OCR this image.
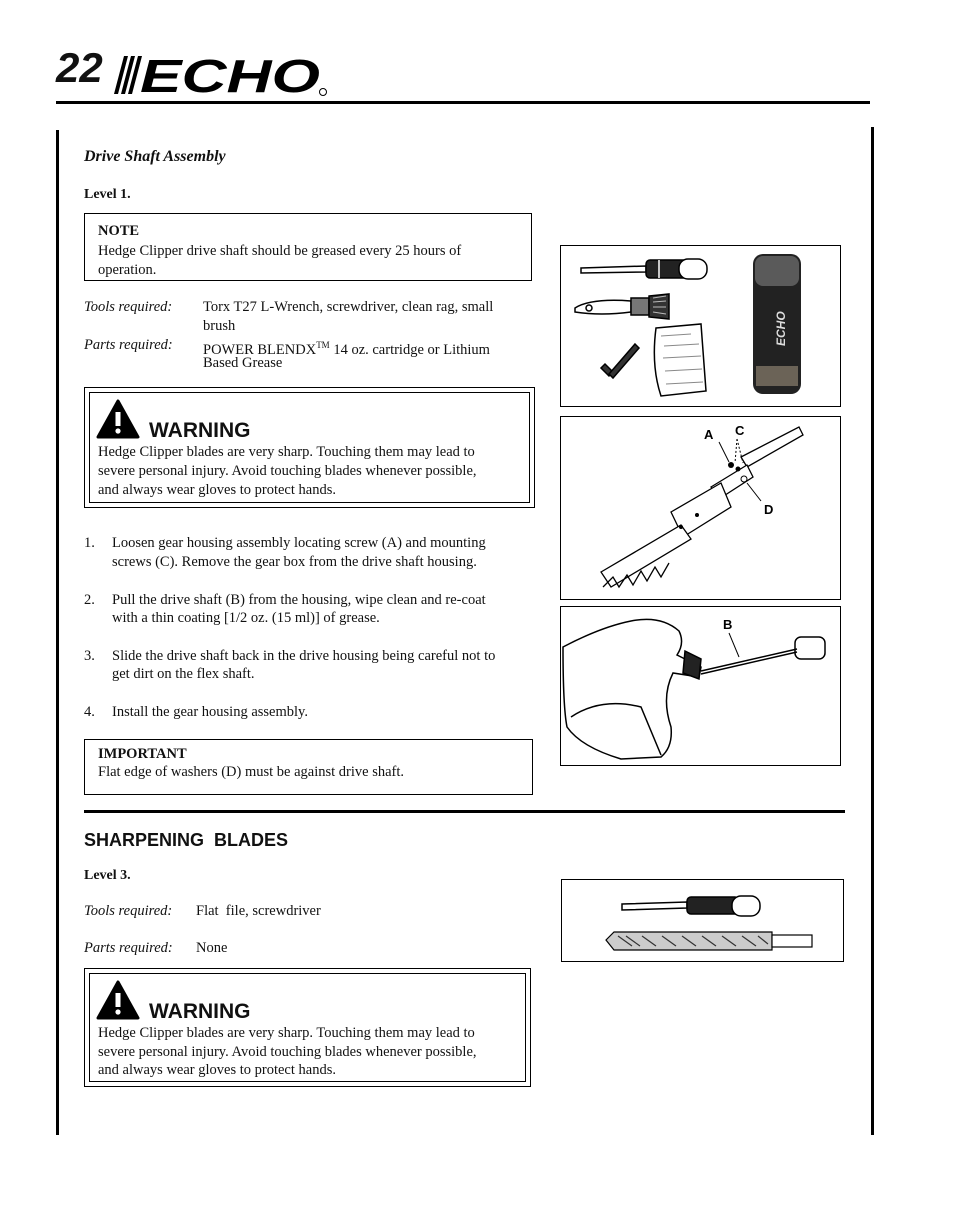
22 ECHO
Drive Shaft Assembly
Level 1.
NOTE
Hedge Clipper drive shaft should be greased every 25 hours of
operation.
Tools required: Torx T27 L-Wrench, screwdriver, clean rag, small
brush
Parts required: POWER BLENDX™ 14 oz. cartridge or Lithium
Based Grease
WARNING
Hedge Clipper blades are very sharp. Touching them may lead to
severe personal injury. Avoid touching blades whenever possible,
and always wear gloves to protect hands.
1. Loosen gear housing assembly locating screw (A) and mounting
screws (C). Remove the gear box from the drive shaft housing.
2. Pull the drive shaft (B) from the housing, wipe clean and re-coat
with a thin coating [1/2 oz. (15 ml)] of grease.
3. Slide the drive shaft back in the drive housing being careful not to
get dirt on the flex shaft.
4. Install the gear housing assembly.
IMPORTANT
Flat edge of washers (D) must be against drive shaft.
ECHO
A C
D
B
SHARPENING  BLADES
Level 3.
Tools required: Flat  file, screwdriver
Parts required: None
WARNING
Hedge Clipper blades are very sharp. Touching them may lead to
severe personal injury. Avoid touching blades whenever possible,
and always wear gloves to protect hands.
